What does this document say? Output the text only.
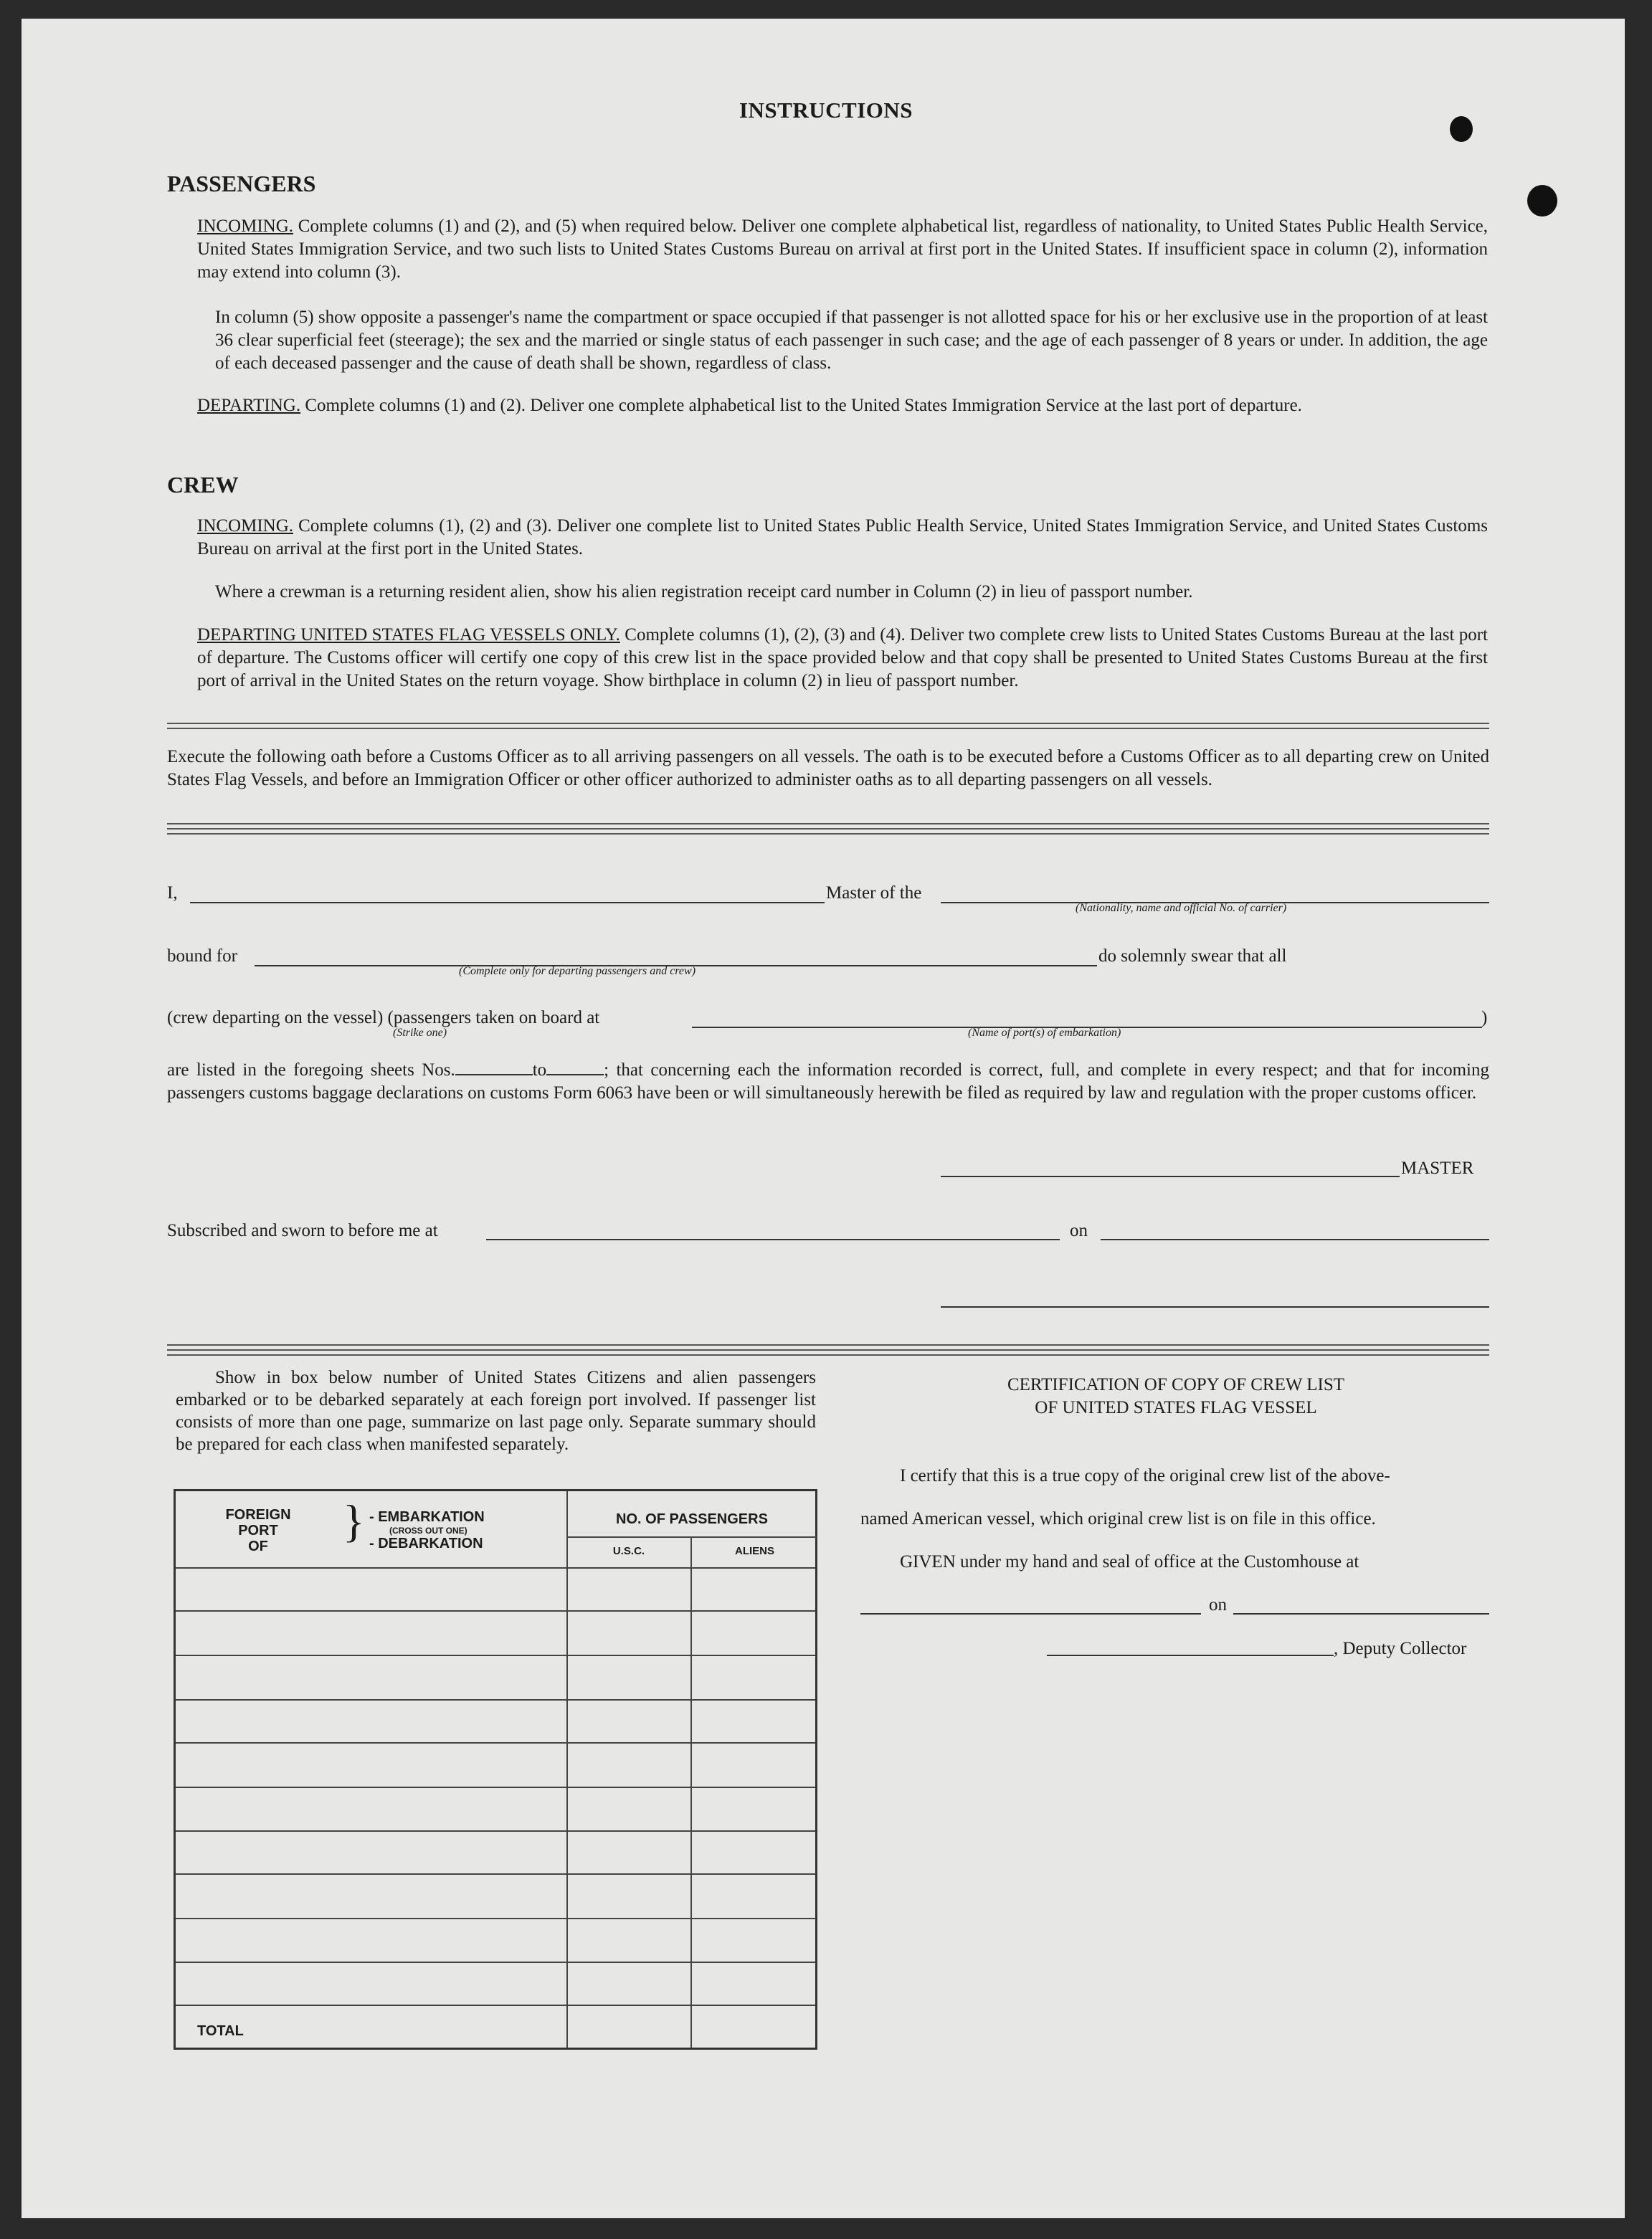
INSTRUCTIONS
PASSENGERS
INCOMING. Complete columns (1) and (2), and (5) when required below. Deliver one complete alphabetical list, regardless of nationality, to United States Public Health Service, United States Immigration Service, and two such lists to United States Customs Bureau on arrival at first port in the United States. If insufficient space in column (2), information may extend into column (3).
In column (5) show opposite a passenger's name the compartment or space occupied if that passenger is not allotted space for his or her exclusive use in the proportion of at least 36 clear superficial feet (steerage); the sex and the married or single status of each passenger in such case; and the age of each passenger of 8 years or under. In addition, the age of each deceased passenger and the cause of death shall be shown, regardless of class.
DEPARTING. Complete columns (1) and (2). Deliver one complete alphabetical list to the United States Immigration Service at the last port of departure.
CREW
INCOMING. Complete columns (1), (2) and (3). Deliver one complete list to United States Public Health Service, United States Immigration Service, and United States Customs Bureau on arrival at the first port in the United States.
Where a crewman is a returning resident alien, show his alien registration receipt card number in Column (2) in lieu of passport number.
DEPARTING UNITED STATES FLAG VESSELS ONLY. Complete columns (1), (2), (3) and (4). Deliver two complete crew lists to United States Customs Bureau at the last port of departure. The Customs officer will certify one copy of this crew list in the space provided below and that copy shall be presented to United States Customs Bureau at the first port of arrival in the United States on the return voyage. Show birthplace in column (2) in lieu of passport number.
Execute the following oath before a Customs Officer as to all arriving passengers on all vessels. The oath is to be executed before a Customs Officer as to all departing crew on United States Flag Vessels, and before an Immigration Officer or other officer authorized to administer oaths as to all departing passengers on all vessels.
I,	Master of the
(Nationality, name and official No. of carrier)
bound for
(Complete only for departing passengers and crew)
do solemnly swear that all
(crew departing on the vessel) (passengers taken on board at
(Strike one)	(Name of port(s) of embarkation)
)
are listed in the foregoing sheets Nos.	to	; that concerning each the information recorded is correct, full, and complete in every respect; and that for incoming passengers customs baggage declarations on customs Form 6063 have been or will simultaneously herewith be filed as required by law and regulation with the proper customs officer.
MASTER
Subscribed and sworn to before me at	on
Show in box below number of United States Citizens and alien passengers embarked or to be debarked separately at each foreign port involved. If passenger list consists of more than one page, summarize on last page only. Separate summary should be prepared for each class when manifested separately.
FOREIGN
PORT
OF	} - EMBARKATION
(CROSS OUT ONE)
- DEBARKATION
NO. OF PASSENGERS
U.S.C.	ALIENS
TOTAL
CERTIFICATION OF COPY OF CREW LIST
OF UNITED STATES FLAG VESSEL
I certify that this is a true copy of the original crew list of the above-
named American vessel, which original crew list is on file in this office.
GIVEN under my hand and seal of office at the Customhouse at
on
, Deputy Collector
